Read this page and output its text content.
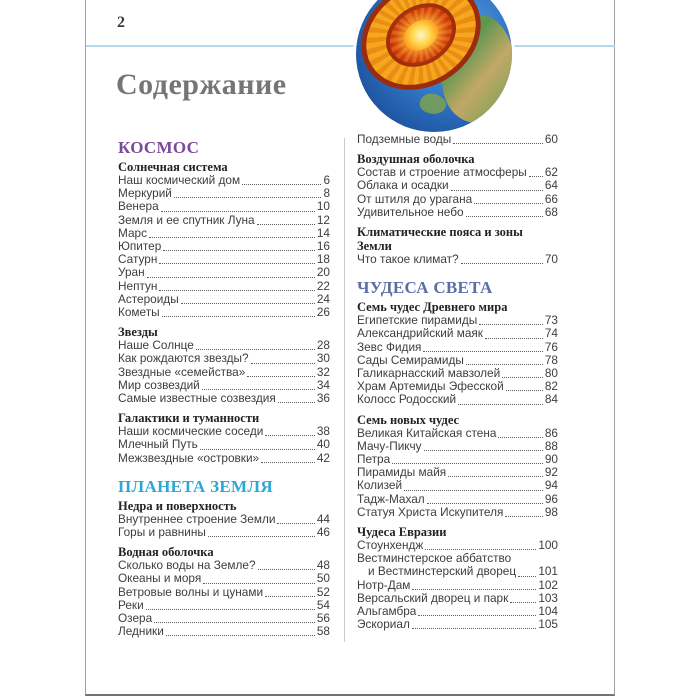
2
Содержание
КОСМОС
Солнечная система
Наш космический дом	6
Меркурий	8
Венера	10
Земля и ее спутник Луна	12
Марс	14
Юпитер	16
Сатурн	18
Уран	20
Нептун	22
Астероиды	24
Кометы	26
Звезды
Наше Солнце	28
Как рождаются звезды?	30
Звездные «семейства»	32
Мир созвездий	34
Самые известные созвездия	36
Галактики и туманности
Наши космические соседи	38
Млечный Путь	40
Межзвездные «островки»	42
ПЛАНЕТА ЗЕМЛЯ
Недра и поверхность
Внутреннее строение Земли	44
Горы и равнины	46
Водная оболочка
Сколько воды на Земле?	48
Океаны и моря	50
Ветровые волны и цунами	52
Реки	54
Озера	56
Ледники	58
Подземные воды	60
Воздушная оболочка
Состав и строение атмосферы 62
Облака и осадки	64
От штиля до урагана	66
Удивительное небо	68
Климатические пояса и зоны Земли
Что такое климат?	70
ЧУДЕСА СВЕТА
Семь чудес Древнего мира
Египетские пирамиды	73
Александрийский маяк	74
Зевс Фидия	76
Сады Семирамиды	78
Галикарнасский мавзолей	80
Храм Артемиды Эфесской	82
Колосс Родосский	84
Семь новых чудес
Великая Китайская стена	86
Мачу-Пикчу	88
Петра	90
Пирамиды майя	92
Колизей	94
Тадж-Махал	96
Статуя Христа Искупителя	98
Чудеса Евразии
Стоунхендж	100
Вестминстерское аббатство
и Вестминстерский дворец 101
Нотр-Дам	102
Версальский дворец и парк	103
Альгамбра	104
Эскориал	105
